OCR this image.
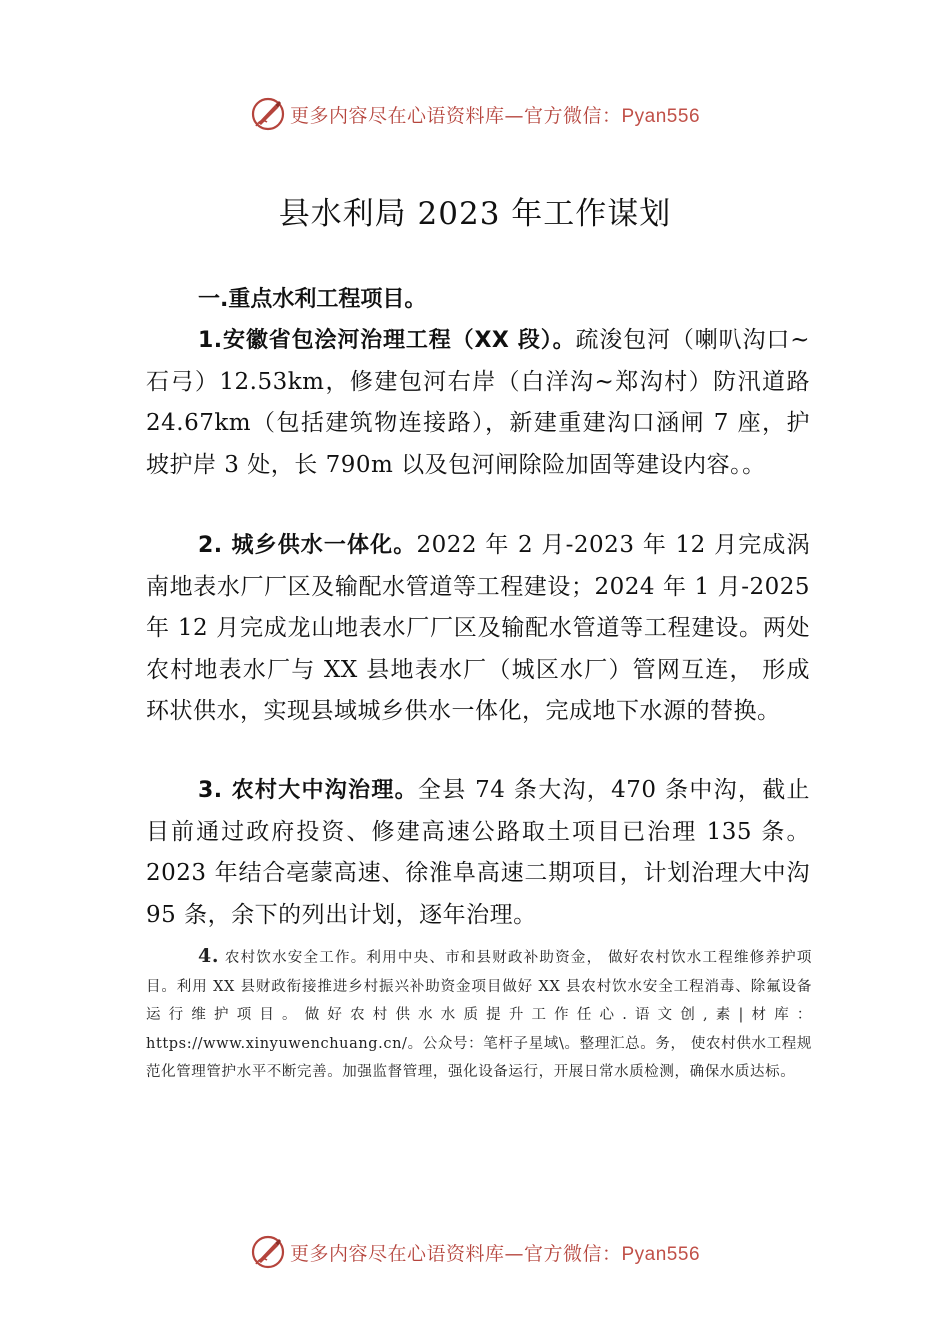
更多内容尽在心语资料库—官方微信：Pyan556
县水利局 2023 年工作谋划
一.重点水利工程项目。
1.安徽省包浍河治理工程（XX 段）。疏浚包河（喇叭沟口~石弓）12.53km，修建包河右岸（白洋沟~郑沟村）防汛道路 24.67km（包括建筑物连接路），新建重建沟口涵闸 7 座，护坡护岸 3 处，长 790m 以及包河闸除险加固等建设内容。。
2. 城乡供水一体化。2022 年 2 月-2023 年 12 月完成涡南地表水厂厂区及输配水管道等工程建设；2024 年 1 月-2025 年 12 月完成龙山地表水厂厂区及输配水管道等工程建设。两处农村地表水厂与 XX 县地表水厂（城区水厂）管网互连， 形成环状供水，实现县域城乡供水一体化，完成地下水源的替换。
3. 农村大中沟治理。全县 74 条大沟，470 条中沟，截止目前通过政府投资、修建高速公路取土项目已治理 135 条。2023 年结合亳蒙高速、徐淮阜高速二期项目，计划治理大中沟 95 条，余下的列出计划，逐年治理。
4. 农村饮水安全工作。利用中央、市和县财政补助资金， 做好农村饮水工程维修养护项目。利用 XX 县财政衔接推进乡村振兴补助资金项目做好 XX 县农村饮水安全工程消毒、除氟设备运行维护项目。做好农村供水水质提升工作任心.语文创,素|材库：https://www.xinyuwenchuang.cn/。公众号：笔杆子星域\。整理汇总。务， 使农村供水工程规范化管理管护水平不断完善。加强监督管理，强化设备运行，开展日常水质检测，确保水质达标。
更多内容尽在心语资料库—官方微信：Pyan556
